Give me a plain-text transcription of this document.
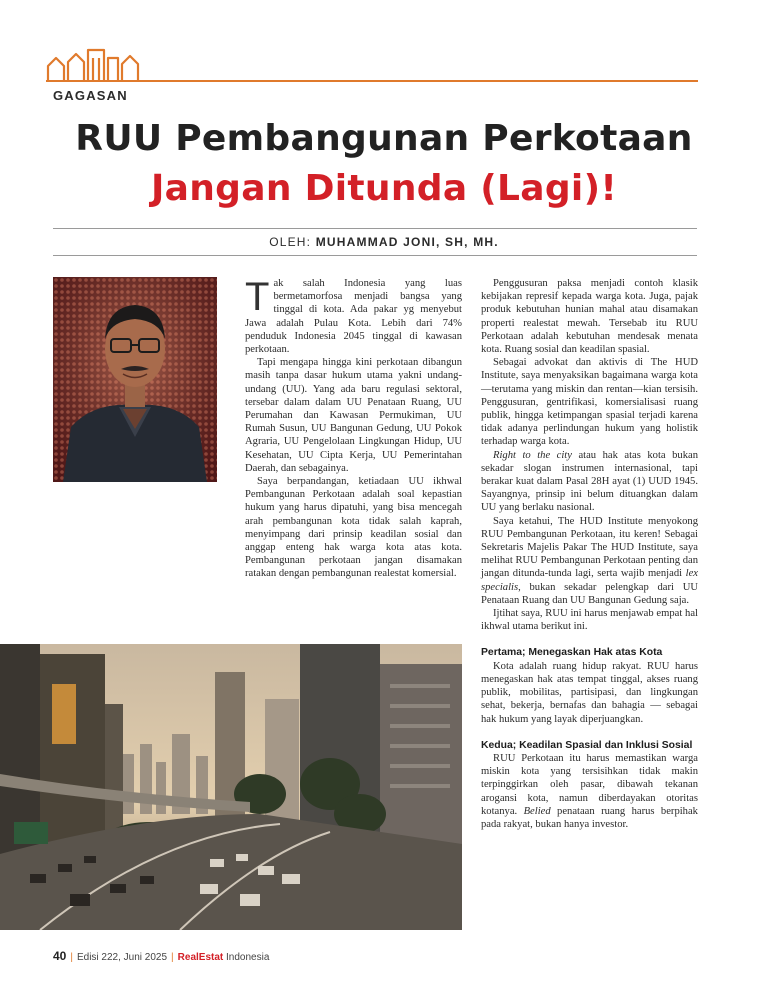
GAGASAN
RUU Pembangunan Perkotaan
Jangan Ditunda (Lagi)!
OLEH: MUHAMMAD JONI, SH, MH.

Tak salah Indonesia yang luas bermetamorfosa menjadi bangsa yang tinggal di kota. Ada pakar yg menyebut Jawa adalah Pulau Kota. Lebih dari 74% penduduk Indonesia 2045 tinggal di kawasan perkotaan.

Tapi mengapa hingga kini perkotaan dibangun masih tanpa dasar hukum utama yakni undang-undang (UU). Yang ada baru regulasi sektoral, tersebar dalam dalam UU Penataan Ruang, UU Perumahan dan Kawasan Permukiman, UU Rumah Susun, UU Bangunan Gedung, UU Pokok Agraria, UU Pengelolaan Lingkungan Hidup, UU Kesehatan, UU Cipta Kerja, UU Pemerintahan Daerah, dan sebagainya.

Saya berpandangan, ketiadaan UU ikhwal Pembangunan Perkotaan adalah soal kepastian hukum yang harus dipatuhi, yang bisa mencegah arah pembangunan kota tidak salah kaprah, menyimpang dari prinsip keadilan sosial dan anggap enteng hak warga kota atas kota. Pembangunan perkotaan jangan disamakan ratakan dengan pembangunan realestat komersial.

Penggusuran paksa menjadi contoh klasik kebijakan represif kepada warga kota. Juga, pajak produk kebutuhan hunian mahal atau disamakan properti realestat mewah. Tersebab itu RUU Perkotaan adalah kebutuhan mendesak menata kota. Ruang sosial dan keadilan spasial.

Sebagai advokat dan aktivis di The HUD Institute, saya menyaksikan bagaimana warga kota—terutama yang miskin dan rentan—kian tersisih. Penggusuran, gentrifikasi, komersialisasi ruang publik, hingga ketimpangan spasial terjadi karena tidak adanya perlindungan hukum yang holistik terhadap warga kota.

Right to the city atau hak atas kota bukan sekadar slogan instrumen internasional, tapi berakar kuat dalam Pasal 28H ayat (1) UUD 1945. Sayangnya, prinsip ini belum dituangkan dalam UU yang berlaku nasional.

Saya ketahui, The HUD Institute menyokong RUU Pembangunan Perkotaan, itu keren! Sebagai Sekretaris Majelis Pakar The HUD Institute, saya melihat RUU Pembangunan Perkotaan penting dan jangan ditunda-tunda lagi, serta wajib menjadi lex specialis, bukan sekadar pelengkap dari UU Penataan Ruang dan UU Bangunan Gedung saja.

Ijtihat saya, RUU ini harus menjawab empat hal ikhwal utama berikut ini.

Pertama; Menegaskan Hak atas Kota

Kota adalah ruang hidup rakyat. RUU harus menegaskan hak atas tempat tinggal, akses ruang publik, mobilitas, partisipasi, dan lingkungan sehat, bekerja, bernafas dan bahagia — sebagai hak hukum yang layak diperjuangkan.

Kedua; Keadilan Spasial dan Inklusi Sosial

RUU Perkotaan itu harus memastikan warga miskin kota yang tersisihkan tidak makin terpinggirkan oleh pasar, dibawah tekanan arogansi kota, namun diberdayakan otoritas kotanya. Belied penataan ruang harus berpihak pada rakyat, bukan hanya investor.

40 | Edisi 222, Juni 2025 | RealEstat Indonesia
